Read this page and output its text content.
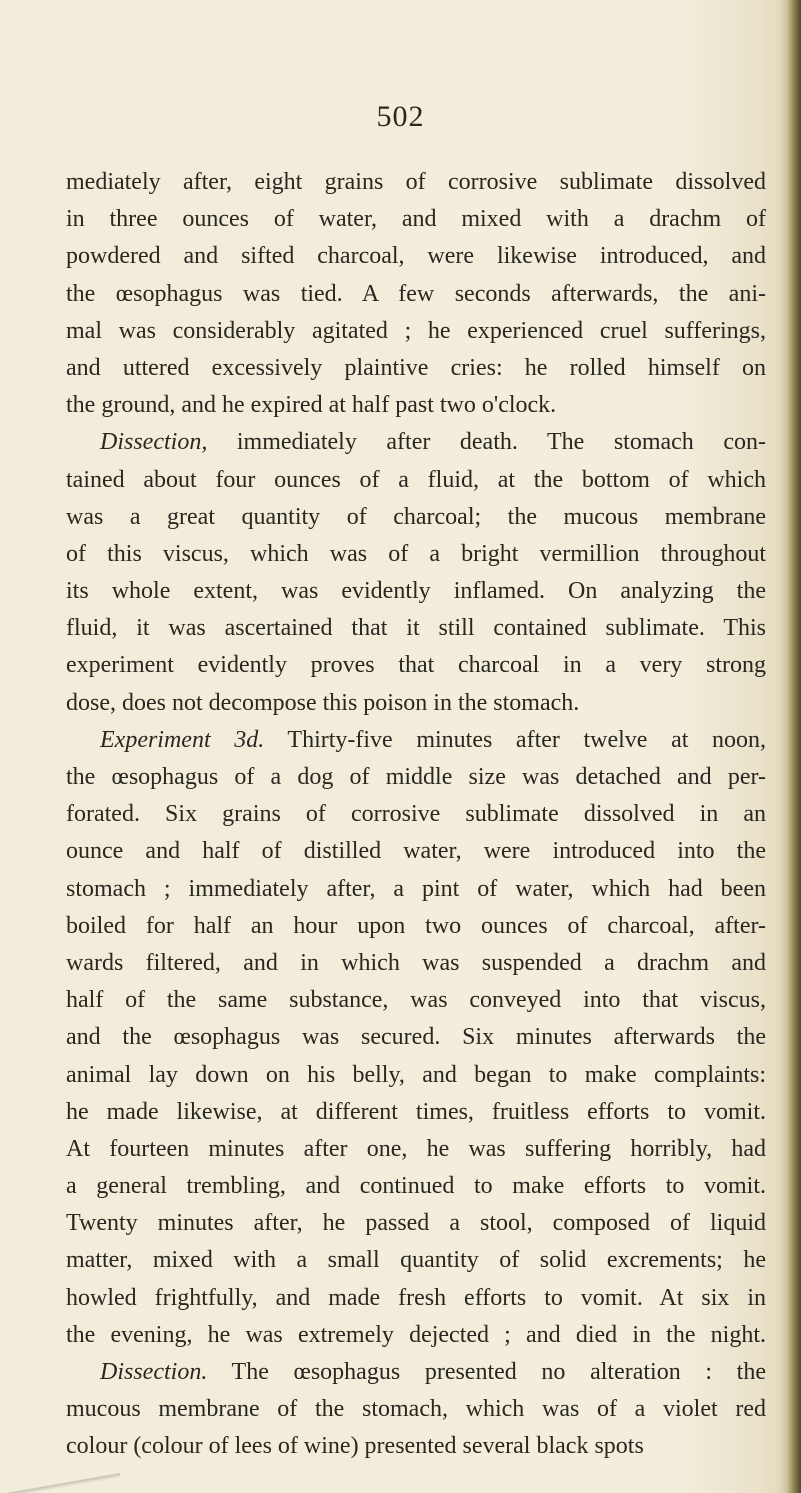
502
mediately after, eight grains of corrosive sublimate dissolved
in three ounces of water, and mixed with a drachm of
powdered and sifted charcoal, were likewise introduced, and
the œsophagus was tied. A few seconds afterwards, the ani-
mal was considerably agitated ; he experienced cruel sufferings,
and uttered excessively plaintive cries: he rolled himself on
the ground, and he expired at half past two o'clock.
Dissection, immediately after death. The stomach con-
tained about four ounces of a fluid, at the bottom of which
was a great quantity of charcoal; the mucous membrane
of this viscus, which was of a bright vermillion throughout
its whole extent, was evidently inflamed. On analyzing the
fluid, it was ascertained that it still contained sublimate. This
experiment evidently proves that charcoal in a very strong
dose, does not decompose this poison in the stomach.
Experiment 3d. Thirty-five minutes after twelve at noon,
the œsophagus of a dog of middle size was detached and per-
forated. Six grains of corrosive sublimate dissolved in an
ounce and half of distilled water, were introduced into the
stomach ; immediately after, a pint of water, which had been
boiled for half an hour upon two ounces of charcoal, after-
wards filtered, and in which was suspended a drachm and
half of the same substance, was conveyed into that viscus,
and the œsophagus was secured. Six minutes afterwards the
animal lay down on his belly, and began to make complaints:
he made likewise, at different times, fruitless efforts to vomit.
At fourteen minutes after one, he was suffering horribly, had
a general trembling, and continued to make efforts to vomit.
Twenty minutes after, he passed a stool, composed of liquid
matter, mixed with a small quantity of solid excrements; he
howled frightfully, and made fresh efforts to vomit. At six in
the evening, he was extremely dejected ; and died in the night.
Dissection. The œsophagus presented no alteration : the
mucous membrane of the stomach, which was of a violet red
colour (colour of lees of wine) presented several black spots
